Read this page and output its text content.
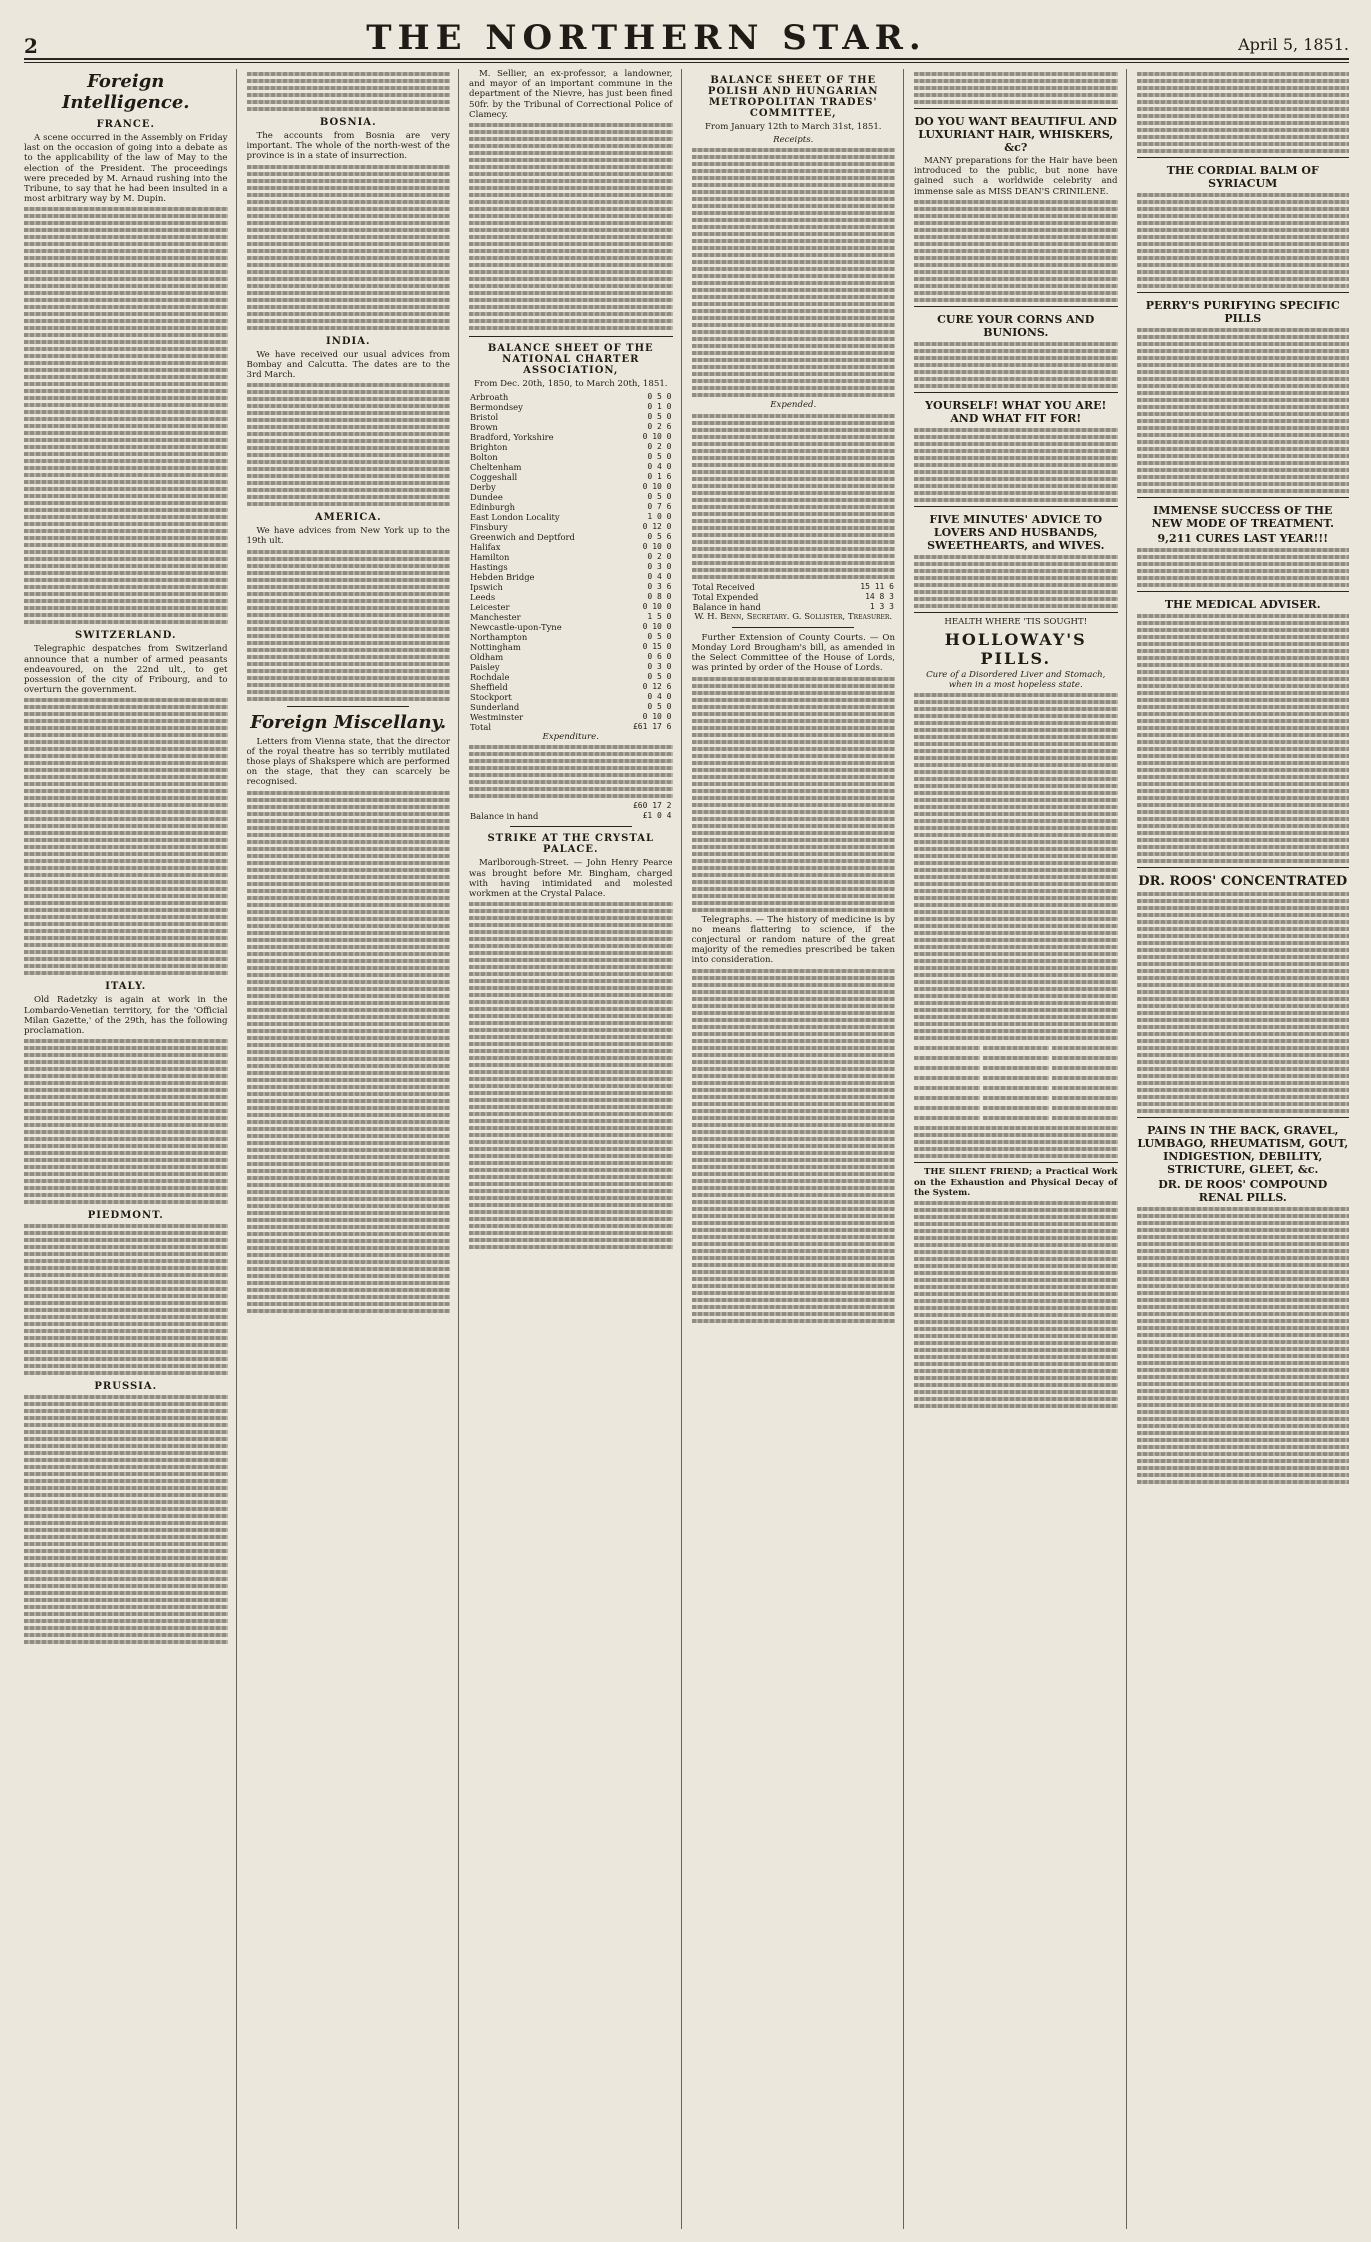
2	THE NORTHERN STAR.	April 5, 1851.
Foreign Intelligence.
FRANCE.

A scene occurred in the Assembly on Friday last on the occasion of going into a debate as to the applicability of the law of May to the election of the President. The proceedings were preceded by M. Arnaud rushing into the Tribune, to say that he had been insulted in a most arbitrary way by M. Dupin.

SWITZERLAND.

Telegraphic despatches from Switzerland announce that a number of armed peasants endeavoured, on the 22nd ult., to get possession of the city of Fribourg, and to overturn the government.

ITALY.

Old Radetzky is again at work in the Lombardo-Venetian territory, for the 'Official Milan Gazette,' of the 29th, has the following proclamation.

PIEDMONT.
PRUSSIA.
BOSNIA.

The accounts from Bosnia are very important. The whole of the north-west of the province is in a state of insurrection.

INDIA.

We have received our usual advices from Bombay and Calcutta. The dates are to the 3rd March.

AMERICA.

We have advices from New York up to the 19th ult.

Foreign Miscellany.

Letters from Vienna state, that the director of the royal theatre has so terribly mutilated those plays of Shakspere which are performed on the stage, that they can scarcely be recognised.

M. Sellier, an ex-professor, a landowner, and mayor of an important commune in the department of the Nievre, has just been fined 50fr. by the Tribunal of Correctional Police of Clamecy.

BALANCE SHEET OF THE NATIONAL CHARTER ASSOCIATION,

From Dec. 20th, 1850, to March 20th, 1851.

Arbroath	0 5 0
Bermondsey	0 1 0
Bristol	0 5 0
Brown	0 2 6
Bradford, Yorkshire	0 10 0
Brighton	0 2 0
Bolton	0 5 0
Cheltenham	0 4 0
Coggeshall	0 1 6
Derby	0 10 0
Dundee	0 5 0
Edinburgh	0 7 6
East London Locality	1 0 0
Finsbury	0 12 0
Greenwich and Deptford	0 5 6
Halifax	0 10 0
Hamilton	0 2 0
Hastings	0 3 0
Hebden Bridge	0 4 0
Ipswich	0 3 6
Leeds	0 8 0
Leicester	0 10 0
Manchester	1 5 0
Newcastle-upon-Tyne	0 10 0
Northampton	0 5 0
Nottingham	0 15 0
Oldham	0 6 0
Paisley	0 3 0
Rochdale	0 5 0
Sheffield	0 12 6
Stockport	0 4 0
Sunderland	0 5 0
Westminster	0 10 0
Total	£61 17 6

Expenditure.

	£60 17 2
Balance in hand	£1 0 4
STRIKE AT THE CRYSTAL PALACE.

Marlborough-Street. — John Henry Pearce was brought before Mr. Bingham, charged with having intimidated and molested workmen at the Crystal Palace.

BALANCE SHEET OF THE POLISH AND HUNGARIAN METROPOLITAN TRADES' COMMITTEE,

From January 12th to March 31st, 1851.

Receipts.

Expended.

Total Received	15 11 6
Total Expended	14 8 3
Balance in hand	1 3 3

W. H. Benn, Secretary. G. Sollister, Treasurer.

Further Extension of County Courts. — On Monday Lord Brougham's bill, as amended in the Select Committee of the House of Lords, was printed by order of the House of Lords.

Telegraphs. — The history of medicine is by no means flattering to science, if the conjectural or random nature of the great majority of the remedies prescribed be taken into consideration.

DO YOU WANT BEAUTIFUL AND LUXURIANT HAIR, WHISKERS, &c?

MANY preparations for the Hair have been introduced to the public, but none have gained such a worldwide celebrity and immense sale as MISS DEAN'S CRINILENE.

CURE YOUR CORNS AND BUNIONS.
YOURSELF! WHAT YOU ARE! AND WHAT FIT FOR!
FIVE MINUTES' ADVICE TO LOVERS AND HUSBANDS, SWEETHEARTS, and WIVES.

HEALTH WHERE 'TIS SOUGHT!

HOLLOWAY'S PILLS.

Cure of a Disordered Liver and Stomach, when in a most hopeless state.

THE SILENT FRIEND; a Practical Work on the Exhaustion and Physical Decay of the System.

THE CORDIAL BALM OF SYRIACUM
PERRY'S PURIFYING SPECIFIC PILLS
IMMENSE SUCCESS OF THE NEW MODE OF TREATMENT.
9,211 CURES LAST YEAR!!!
THE MEDICAL ADVISER.
DR. ROOS' CONCENTRATED
PAINS IN THE BACK, GRAVEL, LUMBAGO, RHEUMATISM, GOUT, INDIGESTION, DEBILITY, STRICTURE, GLEET, &c.
DR. DE ROOS' COMPOUND RENAL PILLS.
